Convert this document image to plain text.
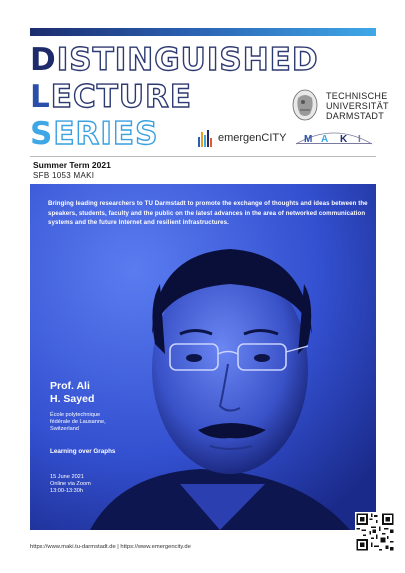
DISTINGUISHED
LECTURE
SERIES
TECHNISCHE
UNIVERSITÄT
DARMSTADT
emergenCITY M A K I
Summer Term 2021
SFB 1053 MAKI
Bringing leading researchers to TU Darmstadt to promote the exchange of thoughts and ideas between the speakers, students, faculty and the public on the latest advances in the area of networked communication systems and the future Internet and resilient infrastructures.
Prof. Ali
H. Sayed
École polytechnique
fédérale de Lausanne,
Switzerland
Learning over Graphs
15 June 2021
Online via Zoom
13:00-13:30h
https://www.maki.tu-darmstadt.de | https://www.emergencity.de
